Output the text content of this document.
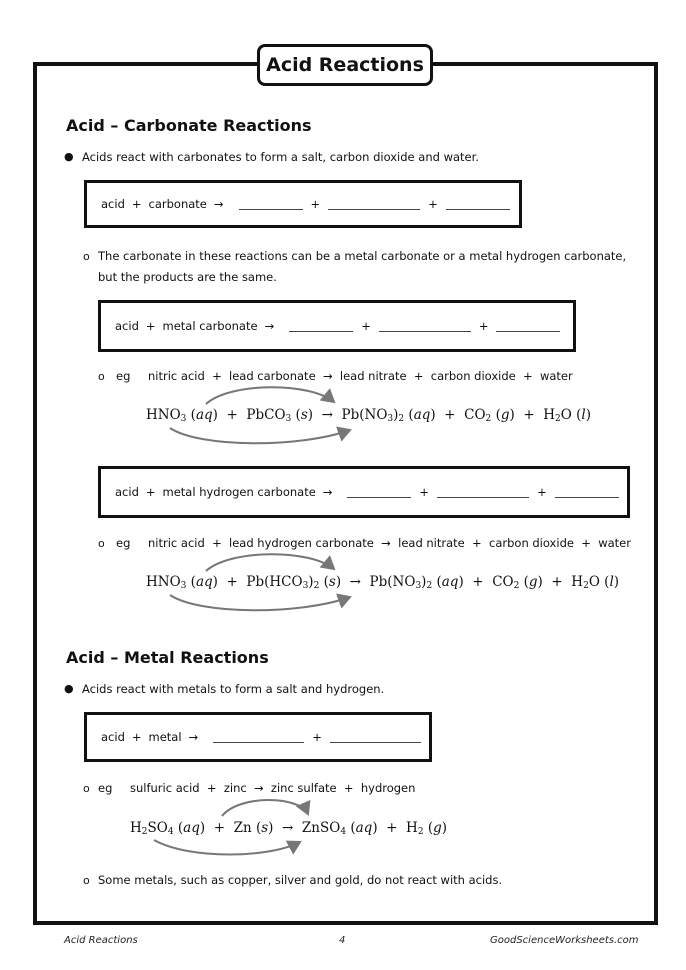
Acid Reactions
Acid – Carbonate Reactions
● Acids react with carbonates to form a salt, carbon dioxide and water.
acid + carbonate →	+	+
o The carbonate in these reactions can be a metal carbonate or a metal hydrogen carbonate,
but the products are the same.
acid + metal carbonate →	+	+
o eg nitric acid  +  lead carbonate  →  lead nitrate  +  carbon dioxide  +  water
$HNO_3$ (aq)  +  PbCO$_3$ $(s) \to Pb(NO_3)_2$ $(aq) + CO_2$ $(g) + H_2O$ (l)
acid + metal hydrogen carbonate →	+	+
o eg nitric acid  +  lead hydrogen carbonate  →  lead nitrate  +  carbon dioxide  +  water
$HNO_3$ $(aq) + Pb(HCO_3)_2$ $(s) \to Pb(NO_3)_2$ $(aq) + CO_2$ $(g) + H_2O$ (l)
Acid – Metal Reactions
● Acids react with metals to form a salt and hydrogen.
acid + metal →	+
o eg sulfuric acid  +  zinc  →  zinc sulfate  +  hydrogen
$H_2SO_4$ (aq)  +  Zn (s)  →  ZnSO$_4$ $(aq) + H_2$ (g)
o Some metals, such as copper, silver and gold, do not react with acids.
Acid Reactions	4	GoodScienceWorksheets.com
